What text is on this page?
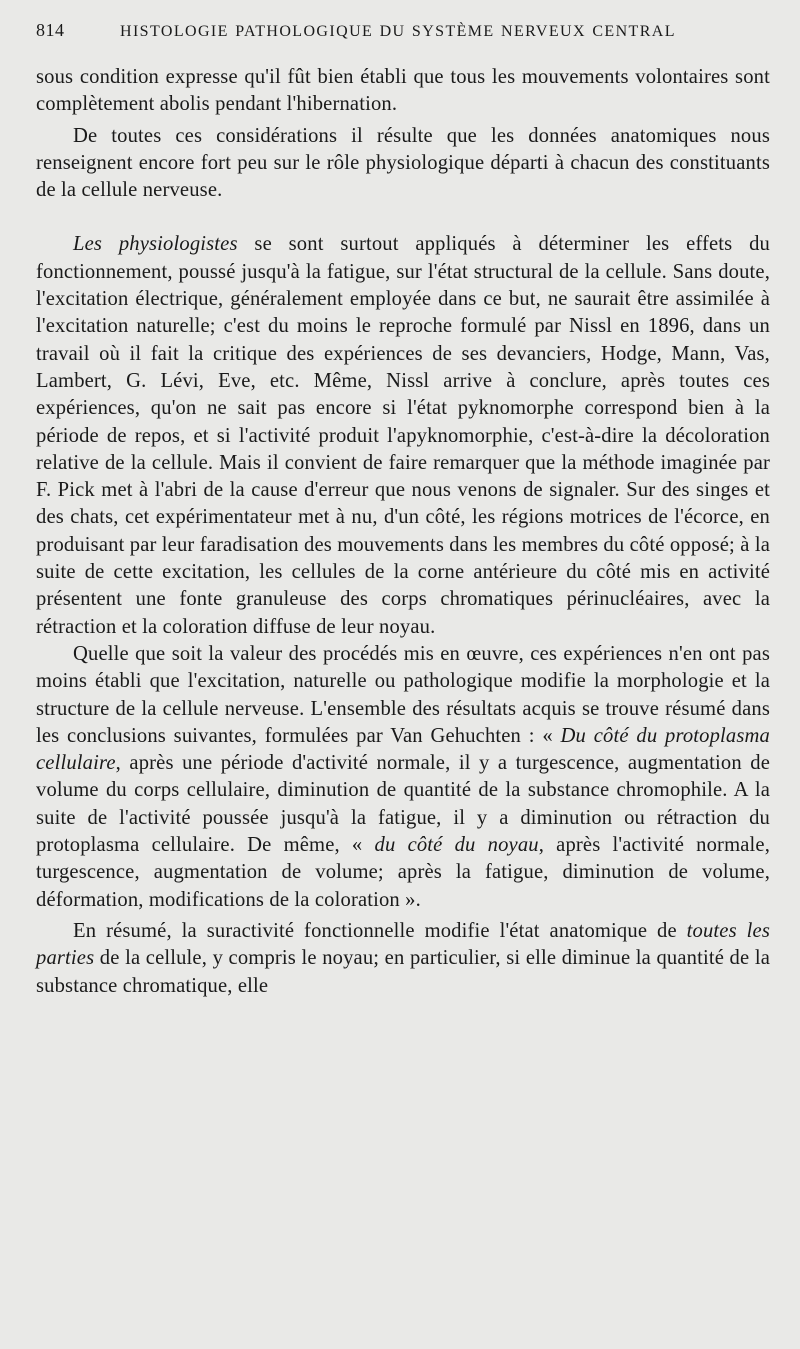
814	HISTOLOGIE PATHOLOGIQUE DU SYSTÈME NERVEUX CENTRAL

sous condition expresse qu'il fût bien établi que tous les mouvements volontaires sont complètement abolis pendant l'hibernation.

De toutes ces considérations il résulte que les données anatomiques nous renseignent encore fort peu sur le rôle physiologique départi à chacun des constituants de la cellule nerveuse.

Les physiologistes se sont surtout appliqués à déterminer les effets du fonctionnement, poussé jusqu'à la fatigue, sur l'état structural de la cellule. Sans doute, l'excitation électrique, généralement employée dans ce but, ne saurait être assimilée à l'excitation naturelle; c'est du moins le reproche formulé par Nissl en 1896, dans un travail où il fait la critique des expériences de ses devanciers, Hodge, Mann, Vas, Lambert, G. Lévi, Eve, etc. Même, Nissl arrive à conclure, après toutes ces expériences, qu'on ne sait pas encore si l'état pyknomorphe correspond bien à la période de repos, et si l'activité produit l'apyknomorphie, c'est-à-dire la décoloration relative de la cellule. Mais il convient de faire remarquer que la méthode imaginée par F. Pick met à l'abri de la cause d'erreur que nous venons de signaler. Sur des singes et des chats, cet expérimentateur met à nu, d'un côté, les régions motrices de l'écorce, en produisant par leur faradisation des mouvements dans les membres du côté opposé; à la suite de cette excitation, les cellules de la corne antérieure du côté mis en activité présentent une fonte granuleuse des corps chromatiques périnucléaires, avec la rétraction et la coloration diffuse de leur noyau.

Quelle que soit la valeur des procédés mis en œuvre, ces expériences n'en ont pas moins établi que l'excitation, naturelle ou pathologique modifie la morphologie et la structure de la cellule nerveuse. L'ensemble des résultats acquis se trouve résumé dans les conclusions suivantes, formulées par Van Gehuchten : « Du côté du protoplasma cellulaire, après une période d'activité normale, il y a turgescence, augmentation de volume du corps cellulaire, diminution de quantité de la substance chromophile. A la suite de l'activité poussée jusqu'à la fatigue, il y a diminution ou rétraction du protoplasma cellulaire. De même, « du côté du noyau, après l'activité normale, turgescence, augmentation de volume; après la fatigue, diminution de volume, déformation, modifications de la coloration ».

En résumé, la suractivité fonctionnelle modifie l'état anatomique de toutes les parties de la cellule, y compris le noyau; en particulier, si elle diminue la quantité de la substance chromatique, elle
